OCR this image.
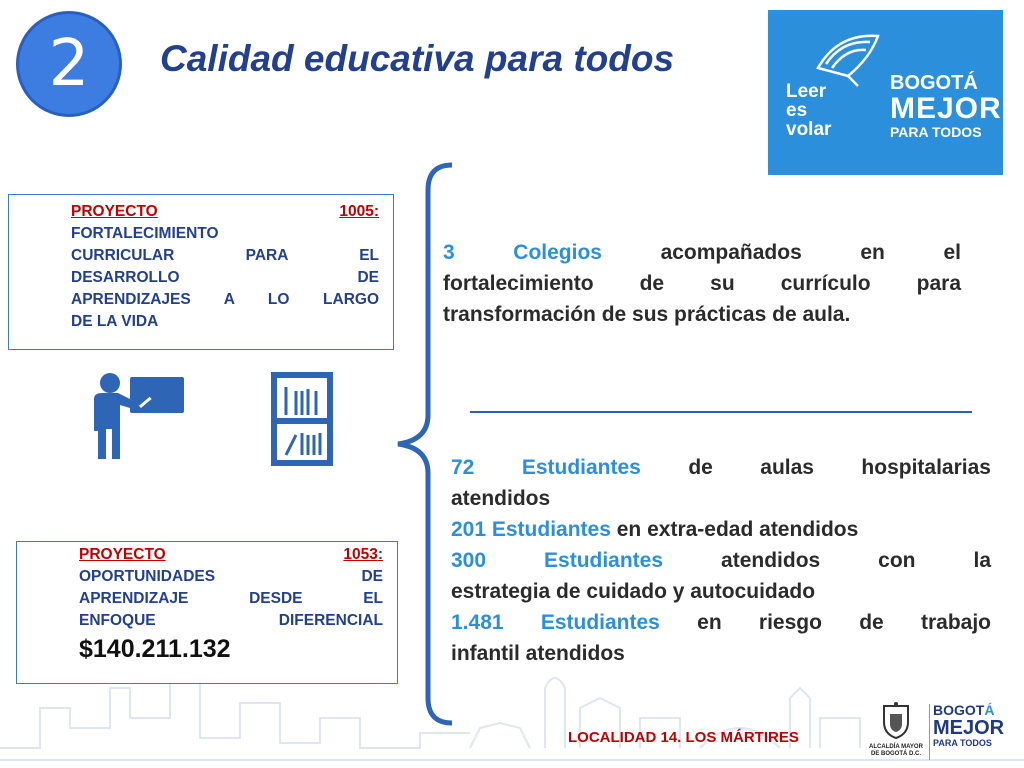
2	Calidad educativa para todos
Leer
es
volar
BOGOTÁ
MEJOR
PARA TODOS
PROYECTO	1005:
FORTALECIMIENTO
CURRICULAR PARA EL
DESARROLLO DE
APRENDIZAJES A LO LARGO
DE LA VIDA
PROYECTO	1053:
OPORTUNIDADES DE
APRENDIZAJE DESDE EL
ENFOQUE DIFERENCIAL
$140.211.132
3 Colegios	acompañados en el
fortalecimiento de su currículo para
transformación de sus prácticas de aula.
72 Estudiantes de aulas hospitalarias
atendidos
201 Estudiantes en extra-edad atendidos
300 Estudiantes	atendidos con la
estrategia de cuidado y autocuidado
1.481 Estudiantes en riesgo de trabajo
infantil atendidos
LOCALIDAD 14. LOS MÁRTIRES
ALCALDÍA MAYOR
DE BOGOTÁ D.C.
BOGOTÁ
MEJOR
PARA TODOS
